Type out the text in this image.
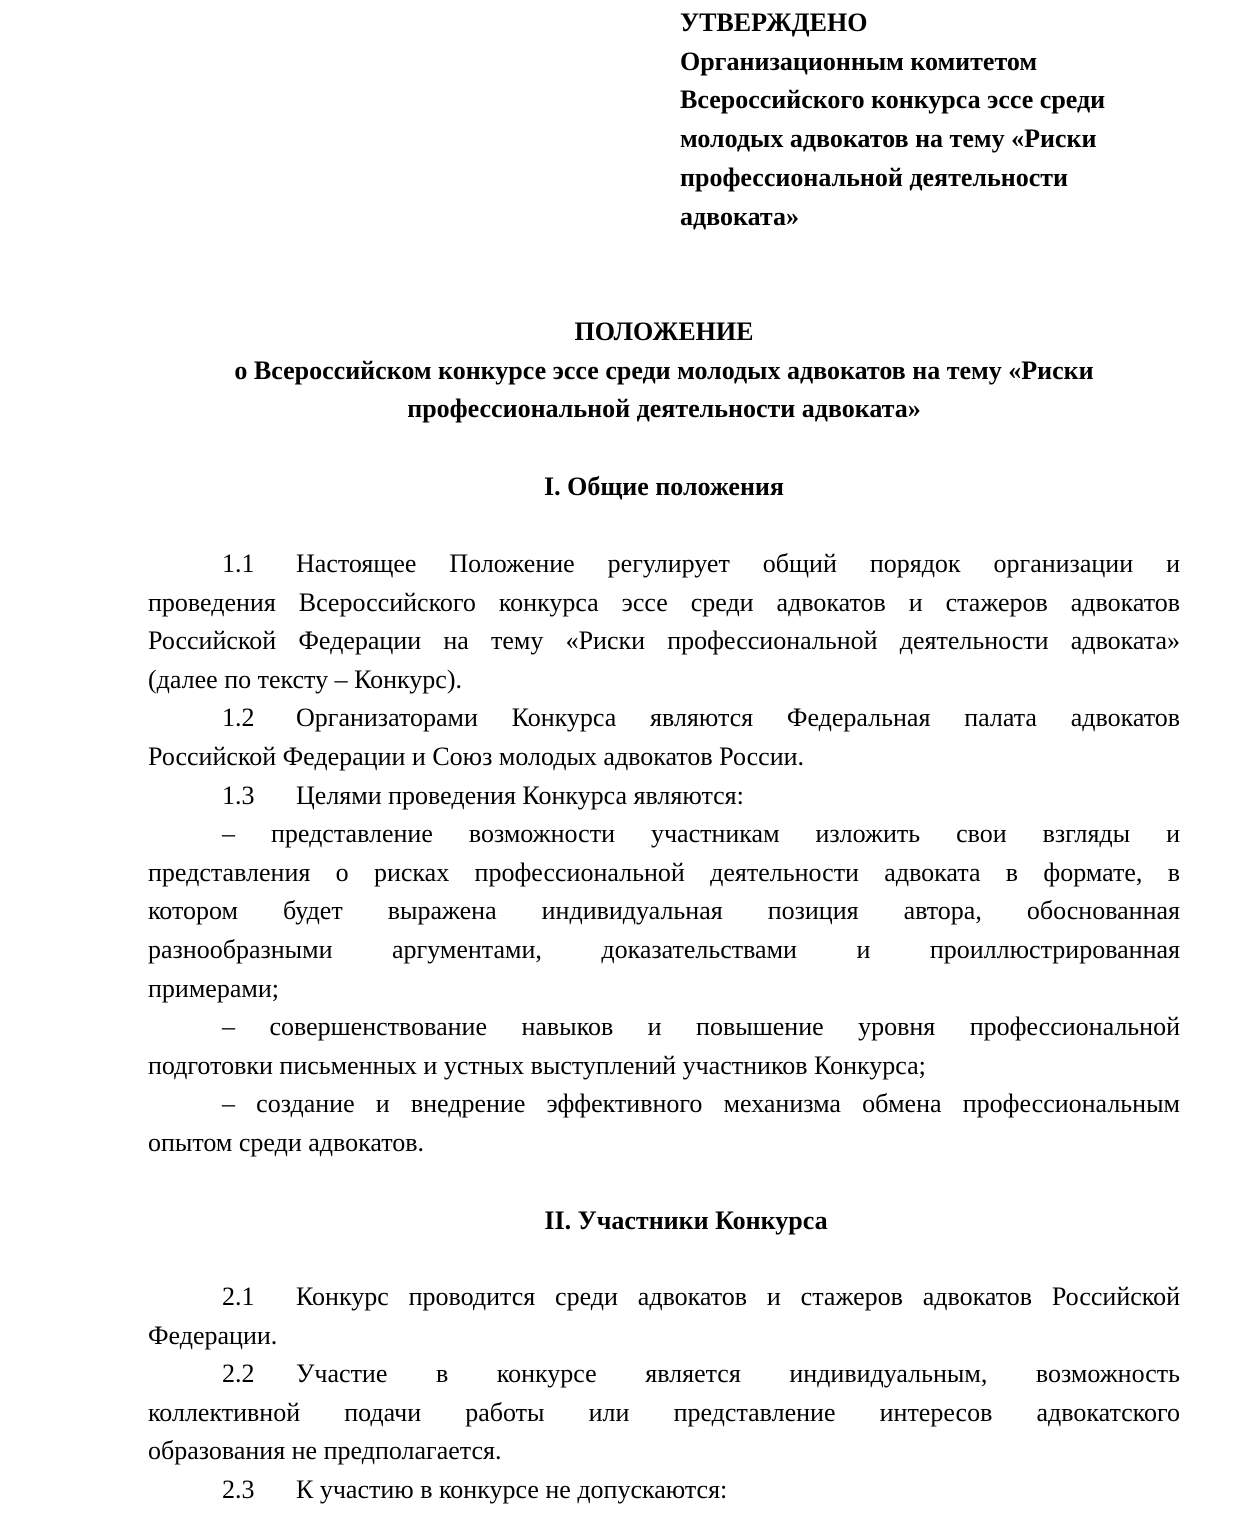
УТВЕРЖДЕНО
Организационным комитетом
Всероссийского конкурса эссе среди
молодых адвокатов на тему «Риски
профессиональной деятельности
адвоката»
ПОЛОЖЕНИЕ
о Всероссийском конкурсе эссе среди молодых адвокатов на тему «Риски
профессиональной деятельности адвоката»
I. Общие положения
1.1 Настоящее Положение регулирует общий порядок организации и
проведения Всероссийского конкурса эссе среди адвокатов и стажеров адвокатов
Российской Федерации на тему «Риски профессиональной деятельности адвоката»
(далее по тексту – Конкурс).
1.2 Организаторами Конкурса являются Федеральная палата адвокатов
Российской Федерации и Союз молодых адвокатов России.
1.3 Целями проведения Конкурса являются:
– представление возможности участникам изложить свои взгляды и
представления о рисках профессиональной деятельности адвоката в формате, в
котором будет выражена индивидуальная позиция автора, обоснованная
разнообразными аргументами, доказательствами и проиллюстрированная
примерами;
– совершенствование навыков и повышение уровня профессиональной
подготовки письменных и устных выступлений участников Конкурса;
– создание и внедрение эффективного механизма обмена профессиональным
опытом среди адвокатов.
II. Участники Конкурса
2.1 Конкурс проводится среди адвокатов и стажеров адвокатов Российской
Федерации.
2.2 Участие в конкурсе является индивидуальным, возможность
коллективной подачи работы или представление интересов адвокатского
образования не предполагается.
2.3 К участию в конкурсе не допускаются:
